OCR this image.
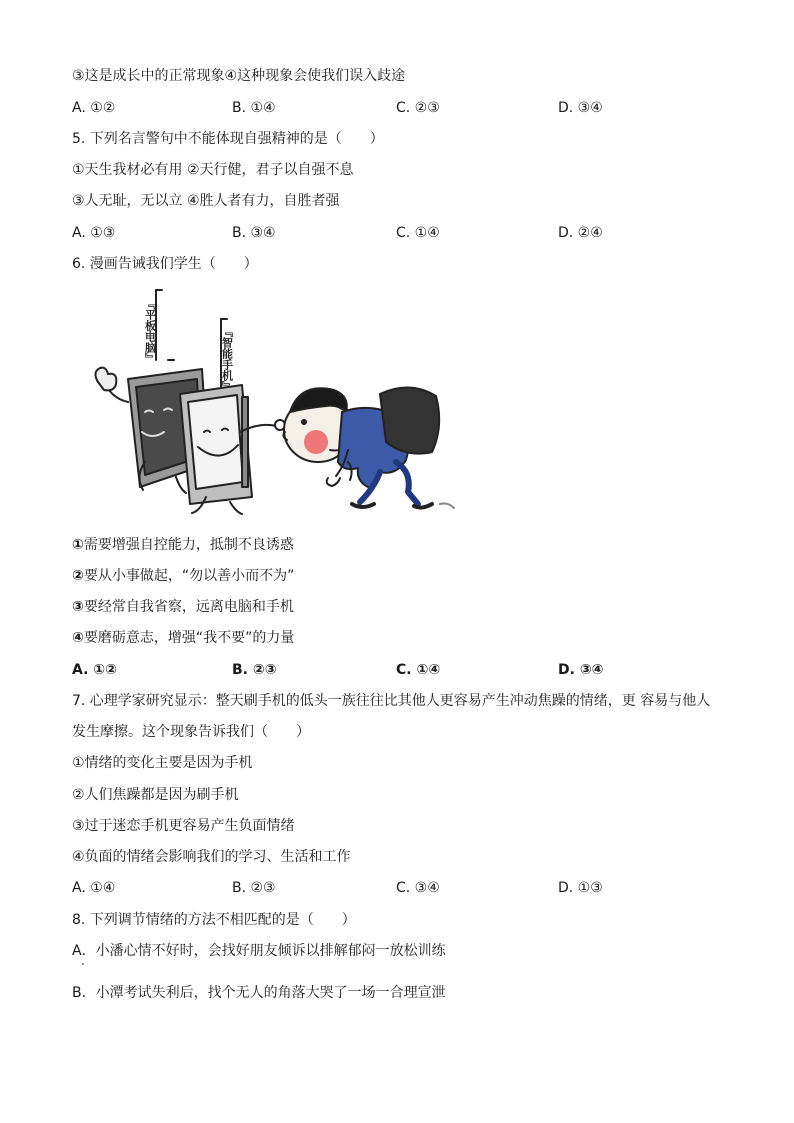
③这是成长中的正常现象④这种现象会使我们误入歧途
A. ①②	B. ①④	C. ②③	D. ③④
5. 下列名言警句中不能体现自强精神的是（　　）
①天生我材必有用 ②天行健，君子以自强不息
③人无耻，无以立 ④胜人者有力，自胜者强
A. ①③	B. ③④	C. ①④	D. ②④
6. 漫画告诫我们学生（　　）
『平板电脑』	『智能手机』
①需要增强自控能力，抵制不良诱惑
②要从小事做起，“勿以善小而不为”
③要经常自我省察，远离电脑和手机
④要磨砺意志，增强“我不要”的力量
A. ①②	B. ②③	C. ①④	D. ③④
7. 心理学家研究显示：整天刷手机的低头一族往往比其他人更容易产生冲动焦躁的情绪，更 容易与他人
发生摩擦。这个现象告诉我们（　　）
①情绪的变化主要是因为手机
②人们焦躁都是因为刷手机
③过于迷恋手机更容易产生负面情绪
④负面的情绪会影响我们的学习、生活和工作
A. ①④	B. ②③	C. ③④	D. ①③
8. 下列调节情绪的方法不相匹配的是（　　）
A．小潘心情不好时，会找好朋友倾诉以排解郁闷一放松训练
B．小潭考试失利后，找个无人的角落大哭了一场一合理宣泄
